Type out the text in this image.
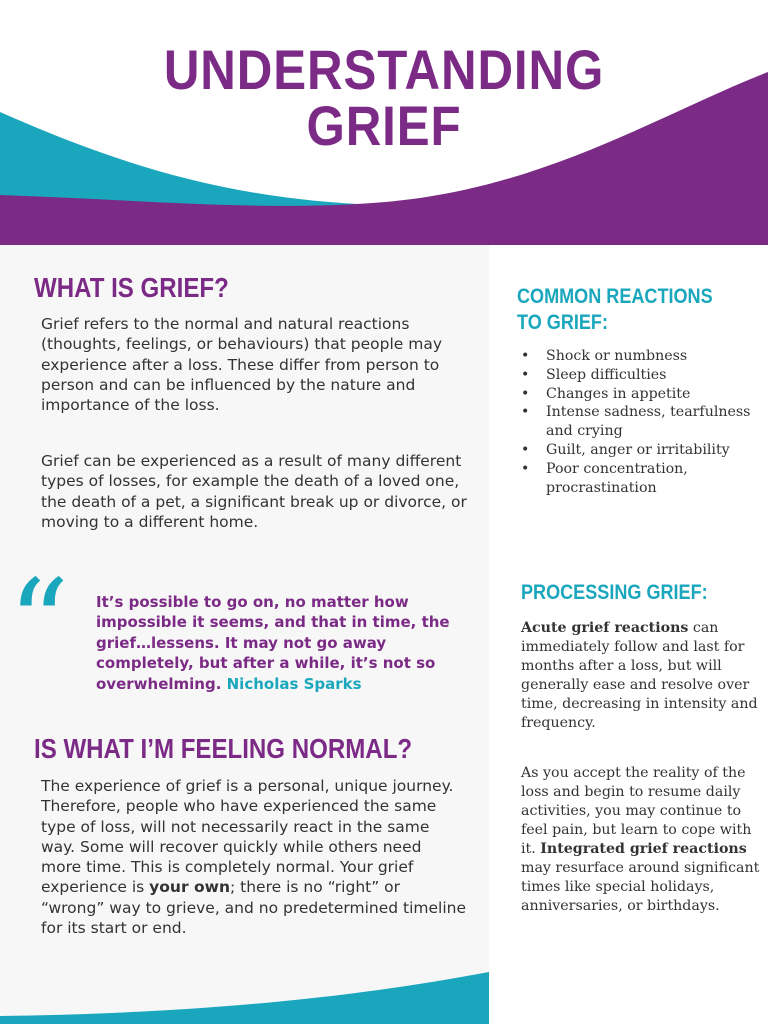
UNDERSTANDING
GRIEF
WHAT IS GRIEF?

Grief refers to the normal and natural reactions (thoughts, feelings, or behaviours) that people may experience after a loss. These differ from person to person and can be influenced by the nature and importance of the loss.

Grief can be experienced as a result of many different types of losses, for example the death of a loved one, the death of a pet, a significant break up or divorce, or moving to a different home.

“ It’s possible to go on, no matter how impossible it seems, and that in time, the grief…lessens. It may not go away completely, but after a while, it’s not so overwhelming. Nicholas Sparks

IS WHAT I’M FEELING NORMAL?

The experience of grief is a personal, unique journey. Therefore, people who have experienced the same type of loss, will not necessarily react in the same way. Some will recover quickly while others need more time. This is completely normal. Your grief experience is your own; there is no “right” or “wrong” way to grieve, and no predetermined timeline for its start or end.

COMMON REACTIONS
TO GRIEF:
• Shock or numbness
• Sleep difficulties
• Changes in appetite
• Intense sadness, tearfulness and crying
• Guilt, anger or irritability
• Poor concentration, procrastination
PROCESSING GRIEF:

Acute grief reactions can immediately follow and last for months after a loss, but will generally ease and resolve over time, decreasing in intensity and frequency.

As you accept the reality of the loss and begin to resume daily activities, you may continue to feel pain, but learn to cope with it. Integrated grief reactions may resurface around significant times like special holidays, anniversaries, or birthdays.
